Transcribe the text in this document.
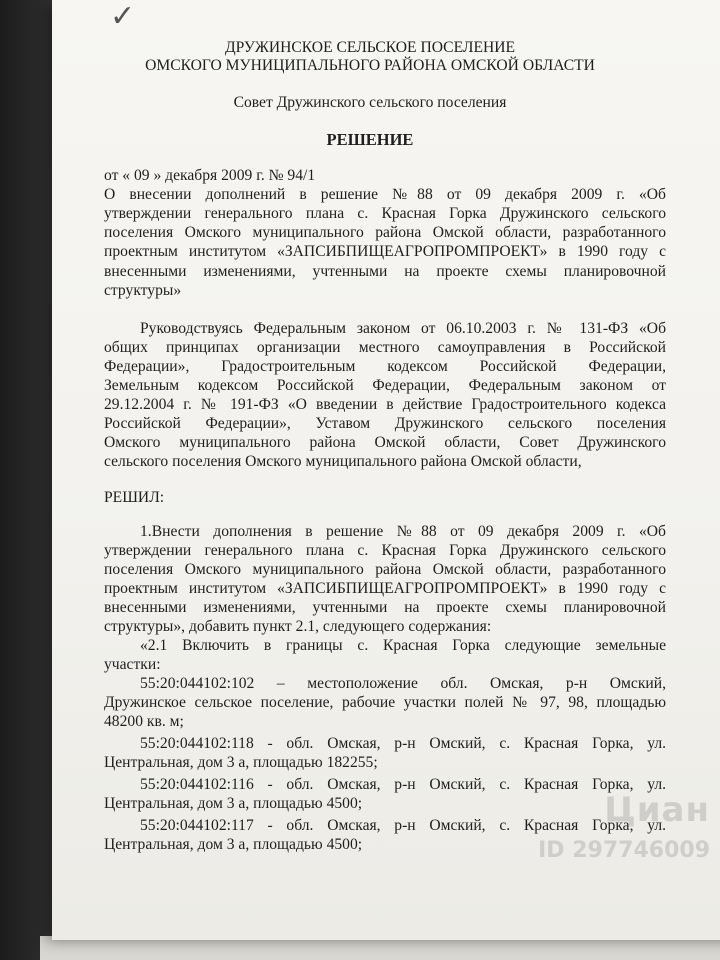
✓
ДРУЖИНСКОЕ СЕЛЬСКОЕ ПОСЕЛЕНИЕ
ОМСКОГО МУНИЦИПАЛЬНОГО РАЙОНА ОМСКОЙ ОБЛАСТИ
Совет Дружинского сельского поселения
РЕШЕНИЕ
от « 09 » декабря 2009 г. № 94/1
О внесении дополнений в решение №88 от 09 декабря 2009 г. «Об
утверждении генерального плана с. Красная Горка Дружинского сельского
поселения Омского муниципального района Омской области, разработанного
проектным институтом «ЗАПСИБПИЩЕАГРОПРОМПРОЕКТ» в 1990 году с
внесенными изменениями, учтенными на проекте схемы планировочной
структуры»
Руководствуясь Федеральным законом от 06.10.2003 г. № 131-ФЗ «Об
общих принципах организации местного самоуправления в Российской
Федерации», Градостроительным кодексом Российской Федерации,
Земельным кодексом Российской Федерации, Федеральным законом от
29.12.2004 г. № 191-ФЗ «О введении в действие Градостроительного кодекса
Российской Федерации», Уставом Дружинского сельского поселения
Омского муниципального района Омской области, Совет Дружинского
сельского поселения Омского муниципального района Омской области,
РЕШИЛ:
1.Внести дополнения в решение №88 от 09 декабря 2009 г. «Об
утверждении генерального плана с. Красная Горка Дружинского сельского
поселения Омского муниципального района Омской области, разработанного
проектным институтом «ЗАПСИБПИЩЕАГРОПРОМПРОЕКТ» в 1990 году с
внесенными изменениями, учтенными на проекте схемы планировочной
структуры», добавить пункт 2.1, следующего содержания:
«2.1 Включить в границы с. Красная Горка следующие земельные
участки:
55:20:044102:102 – местоположение обл. Омская, р-н Омский,
Дружинское сельское поселение, рабочие участки полей № 97, 98, площадью
48200 кв. м;
55:20:044102:118 - обл. Омская, р-н Омский, с. Красная Горка, ул.
Центральная, дом 3 а, площадью 182255;
55:20:044102:116 - обл. Омская, р-н Омский, с. Красная Горка, ул.
Центральная, дом 3 а, площадью 4500;
55:20:044102:117 - обл. Омская, р-н Омский, с. Красная Горка, ул.
Центральная, дом 3 а, площадью 4500;
Циан
ID 297746009
